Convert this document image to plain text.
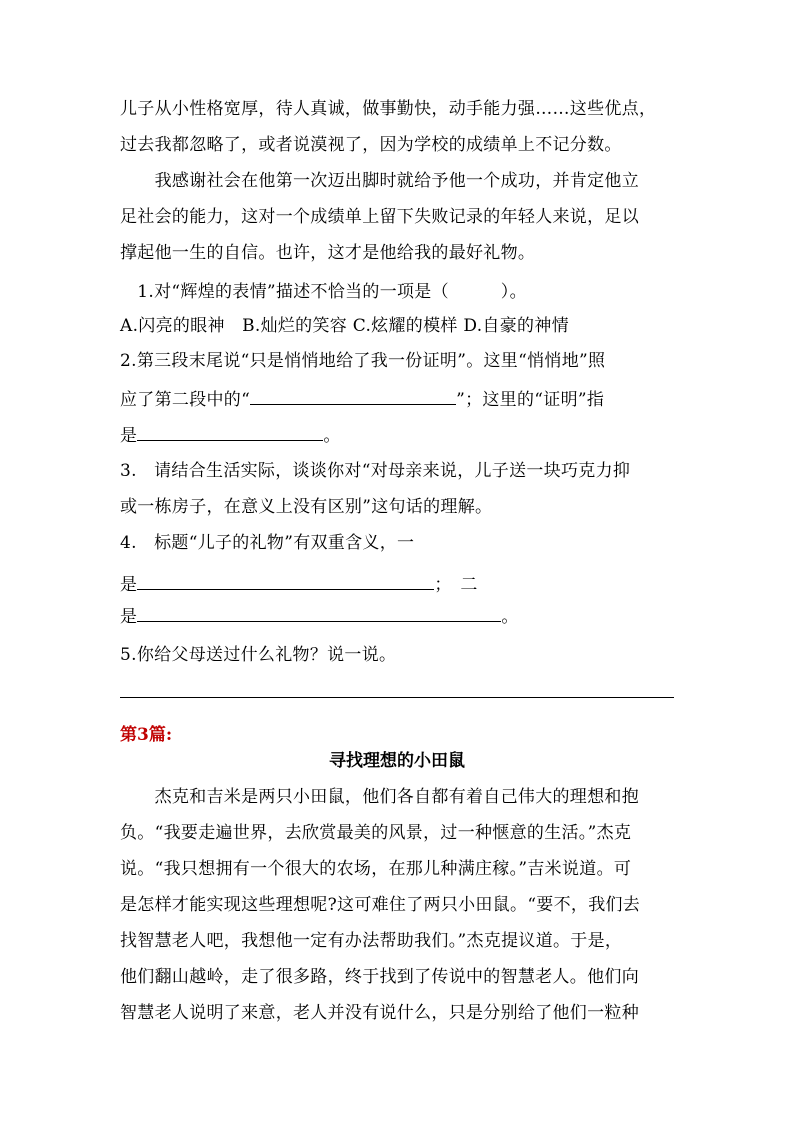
儿子从小性格宽厚，待人真诚，做事勤快，动手能力强……这些优点，
过去我都忽略了，或者说漠视了，因为学校的成绩单上不记分数。
　　我感谢社会在他第一次迈出脚时就给予他一个成功，并肯定他立
足社会的能力，这对一个成绩单上留下失败记录的年轻人来说，足以
撑起他一生的自信。也许，这才是他给我的最好礼物。
　1.对“辉煌的表情”描述不恰当的一项是（　　　）。
A.闪亮的眼神　B.灿烂的笑容 C.炫耀的模样 D.自豪的神情
2.第三段末尾说“只是悄悄地给了我一份证明”。这里“悄悄地”照
应了第二段中的“	”；这里的“证明”指
是	。
3.　请结合生活实际，谈谈你对“对母亲来说，儿子送一块巧克力抑
或一栋房子，在意义上没有区别”这句话的理解。
4.　标题“儿子的礼物”有双重含义，一
是	；　二
是	。
5.你给父母送过什么礼物？说一说。
第3篇:
寻找理想的小田鼠
　　杰克和吉米是两只小田鼠，他们各自都有着自己伟大的理想和抱
负。“我要走遍世界，去欣赏最美的风景，过一种惬意的生活。”杰克
说。“我只想拥有一个很大的农场，在那儿种满庄稼。”吉米说道。可
是怎样才能实现这些理想呢?这可难住了两只小田鼠。“要不，我们去
找智慧老人吧，我想他一定有办法帮助我们。”杰克提议道。于是，
他们翻山越岭，走了很多路，终于找到了传说中的智慧老人。他们向
智慧老人说明了来意，老人并没有说什么，只是分别给了他们一粒种
